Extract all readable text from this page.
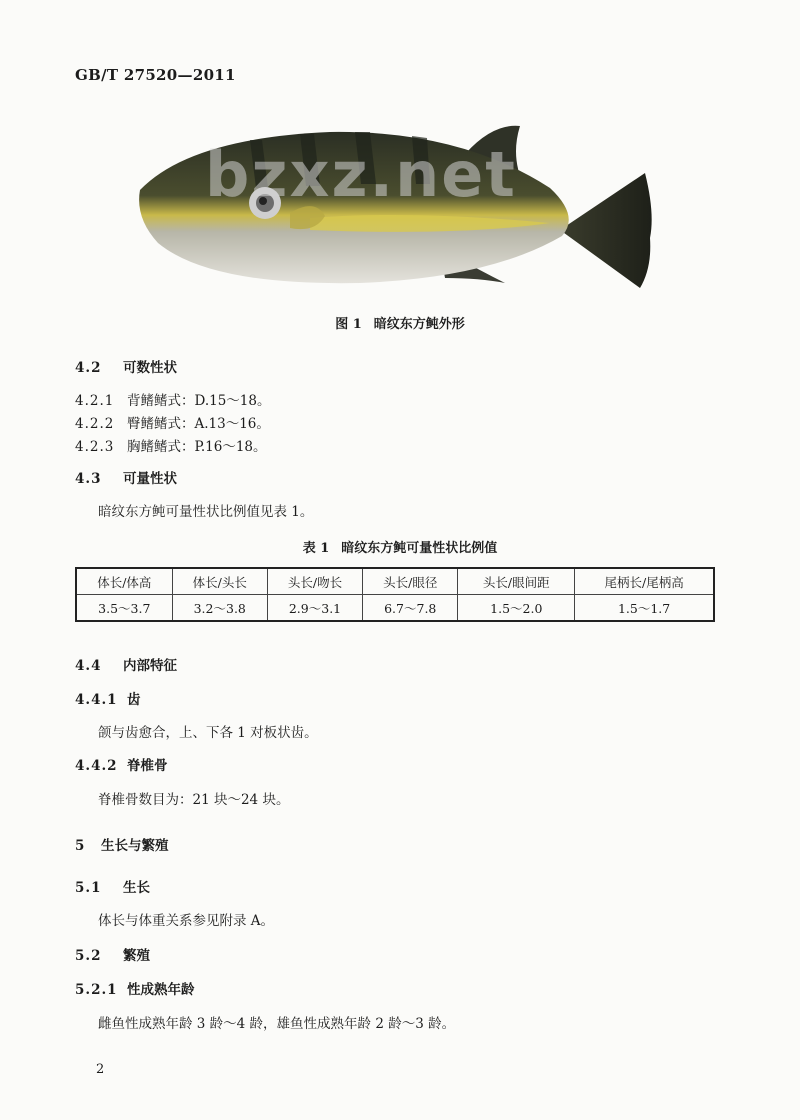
GB/T 27520—2011
bzxz.net
图 1 暗纹东方鲀外形
4.2 可数性状
4.2.1 背鳍鳍式：D.15～18。
4.2.2 臀鳍鳍式：A.13～16。
4.2.3 胸鳍鳍式：P.16～18。
4.3 可量性状
暗纹东方鲀可量性状比例值见表 1。
表 1 暗纹东方鲀可量性状比例值
体长/体高	体长/头长	头长/吻长	头长/眼径	头长/眼间距	尾柄长/尾柄高
3.5～3.7	3.2～3.8	2.9～3.1	6.7～7.8	1.5～2.0	1.5～1.7
4.4 内部特征
4.4.1 齿
颌与齿愈合，上、下各 1 对板状齿。
4.4.2 脊椎骨
脊椎骨数目为：21 块～24 块。
5 生长与繁殖
5.1 生长
体长与体重关系参见附录 A。
5.2 繁殖
5.2.1 性成熟年龄
雌鱼性成熟年龄 3 龄～4 龄，雄鱼性成熟年龄 2 龄～3 龄。
2
